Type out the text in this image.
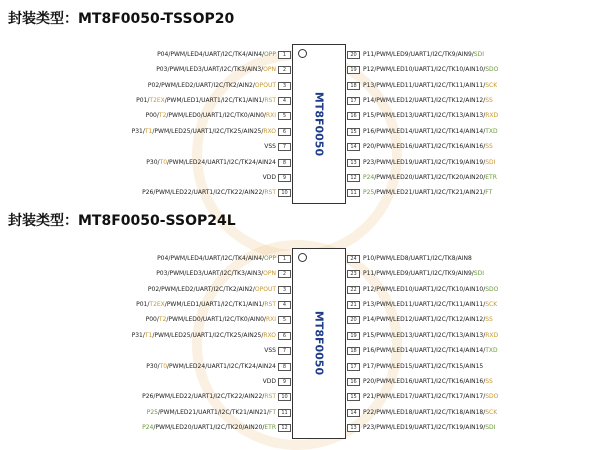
封装类型：MT8F0050-TSSOP20
MT8F0050
1
P04/PWM/LED4/UART/I2C/TK4/AIN4/OPP
2
P03/PWM/LED3/UART/I2C/TK3/AIN3/OPN
3
P02/PWM/LED2/UART/I2C/TK2/AIN2/OPOUT
4
P01/T2EX/PWM/LED1/UART1/I2C/TK1/AIN1/RST
5
P00/T2/PWM/LED0/UART1/I2C/TK0/AIN0/RXI
6
P31/T1/PWM/LED25/UART1/I2C/TK25/AIN25/RXO
7
VSS
8
P30/T0/PWM/LED24/UART1/I2C/TK24/AIN24
9
VDD
10
P26/PWM/LED22/UART1/I2C/TK22/AIN22/RST
20	P11/PWM/LED9/UART1/I2C/TK9/AIN9/SDI
19	P12/PWM/LED10/UART1/I2C/TK10/AIN10/SDO
18	P13/PWM/LED11/UART1/I2C/TK11/AIN11/SCK
17	P14/PWM/LED12/UART1/I2C/TK12/AIN12/SS
16	P15/PWM/LED13/UART1/I2C/TK13/AIN13/RXD
15	P16/PWM/LED14/UART1/I2C/TK14/AIN14/TXD
14	P20/PWM/LED16/UART1/I2C/TK16/AIN16/SS
13	P23/PWM/LED19/UART1/I2C/TK19/AIN19/SDI
12	P24/PWM/LED20/UART1/I2C/TK20/AIN20/ETR
11	P25/PWM/LED21/UART1/I2C/TK21/AIN21/FT
封装类型：MT8F0050-SSOP24L
MT8F0050
1
P04/PWM/LED4/UART/I2C/TK4/AIN4/OPP
2
P03/PWM/LED3/UART/I2C/TK3/AIN3/OPN
3
P02/PWM/LED2/UART/I2C/TK2/AIN2/OPOUT
4
P01/T2EX/PWM/LED1/UART1/I2C/TK1/AIN1/RST
5
P00/T2/PWM/LED0/UART1/I2C/TK0/AIN0/RXI
6
P31/T1/PWM/LED25/UART1/I2C/TK25/AIN25/RXO
7
VSS
8
P30/T0/PWM/LED24/UART1/I2C/TK24/AIN24
9
VDD
10
P26/PWM/LED22/UART1/I2C/TK22/AIN22/RST
11
P25/PWM/LED21/UART1/I2C/TK21/AIN21/FT
12
P24/PWM/LED20/UART1/I2C/TK20/AIN20/ETR
24	P10/PWM/LED8/UART1/I2C/TK8/AIN8
23	P11/PWM/LED9/UART1/I2C/TK9/AIN9/SDI
22	P12/PWM/LED10/UART1/I2C/TK10/AIN10/SDO
21	P13/PWM/LED11/UART1/I2C/TK11/AIN11/SCK
20	P14/PWM/LED12/UART1/I2C/TK12/AIN12/SS
19	P15/PWM/LED13/UART1/I2C/TK13/AIN13/RXD
18	P16/PWM/LED14/UART1/I2C/TK14/AIN14/TXD
17	P17/PWM/LED15/UART1/I2C/TK15/AIN15
16	P20/PWM/LED16/UART1/I2C/TK16/AIN16/SS
15	P21/PWM/LED17/UART1/I2C/TK17/AIN17/SDO
14	P22/PWM/LED18/UART1/I2C/TK18/AIN18/SCK
13	P23/PWM/LED19/UART1/I2C/TK19/AIN19/SDI
